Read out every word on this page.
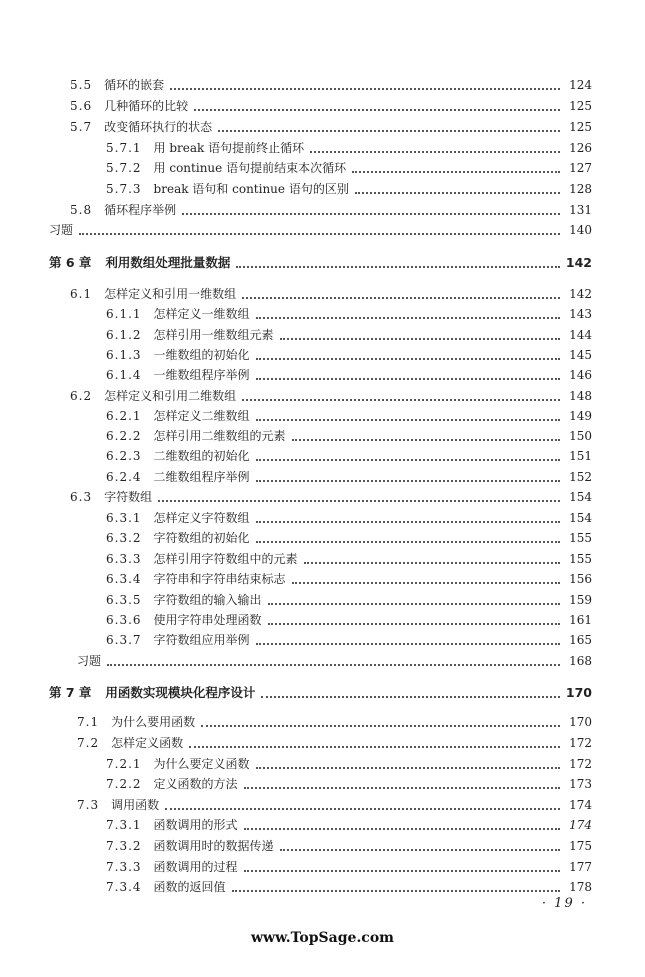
5.5 循环的嵌套	124
5.6 几种循环的比较	125
5.7 改变循环执行的状态	125
5.7.1 用 break 语句提前终止循环	126
5.7.2 用 continue 语句提前结束本次循环	127
5.7.3 break 语句和 continue 语句的区别	128
5.8 循环程序举例	131
习题	140
第 6 章 利用数组处理批量数据	142
6.1 怎样定义和引用一维数组	142
6.1.1 怎样定义一维数组	143
6.1.2 怎样引用一维数组元素	144
6.1.3 一维数组的初始化	145
6.1.4 一维数组程序举例	146
6.2 怎样定义和引用二维数组	148
6.2.1 怎样定义二维数组	149
6.2.2 怎样引用二维数组的元素	150
6.2.3 二维数组的初始化	151
6.2.4 二维数组程序举例	152
6.3 字符数组	154
6.3.1 怎样定义字符数组	154
6.3.2 字符数组的初始化	155
6.3.3 怎样引用字符数组中的元素	155
6.3.4 字符串和字符串结束标志	156
6.3.5 字符数组的输入输出	159
6.3.6 使用字符串处理函数	161
6.3.7 字符数组应用举例	165
习题	168
第 7 章 用函数实现模块化程序设计	170
7.1 为什么要用函数	170
7.2 怎样定义函数	172
7.2.1 为什么要定义函数	172
7.2.2 定义函数的方法	173
7.3 调用函数	174
7.3.1 函数调用的形式	174
7.3.2 函数调用时的数据传递	175
7.3.3 函数调用的过程	177
7.3.4 函数的返回值	178
· 19 ·
www.TopSage.com
